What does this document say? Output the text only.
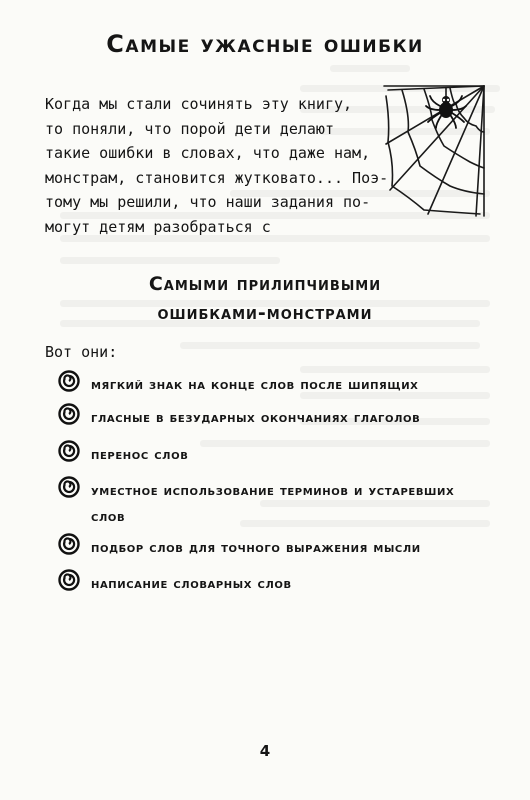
Самые ужасные ошибки
Когда мы стали сочинять эту книгу,
то поняли, что порой дети делают
такие ошибки в словах, что даже нам,
монстрам, становится жутковато... Поэ-
тому мы решили, что наши задания по-
могут детям разобраться с
Самыми прилипчивыми
ошибками-монстрами
Вот они:
мягкий знак на конце слов после шипящих
гласные в безударных окончаниях глаголов
перенос слов
уместное использование терминов и устаревших
слов
подбор слов для точного выражения мысли
написание словарных слов
4
